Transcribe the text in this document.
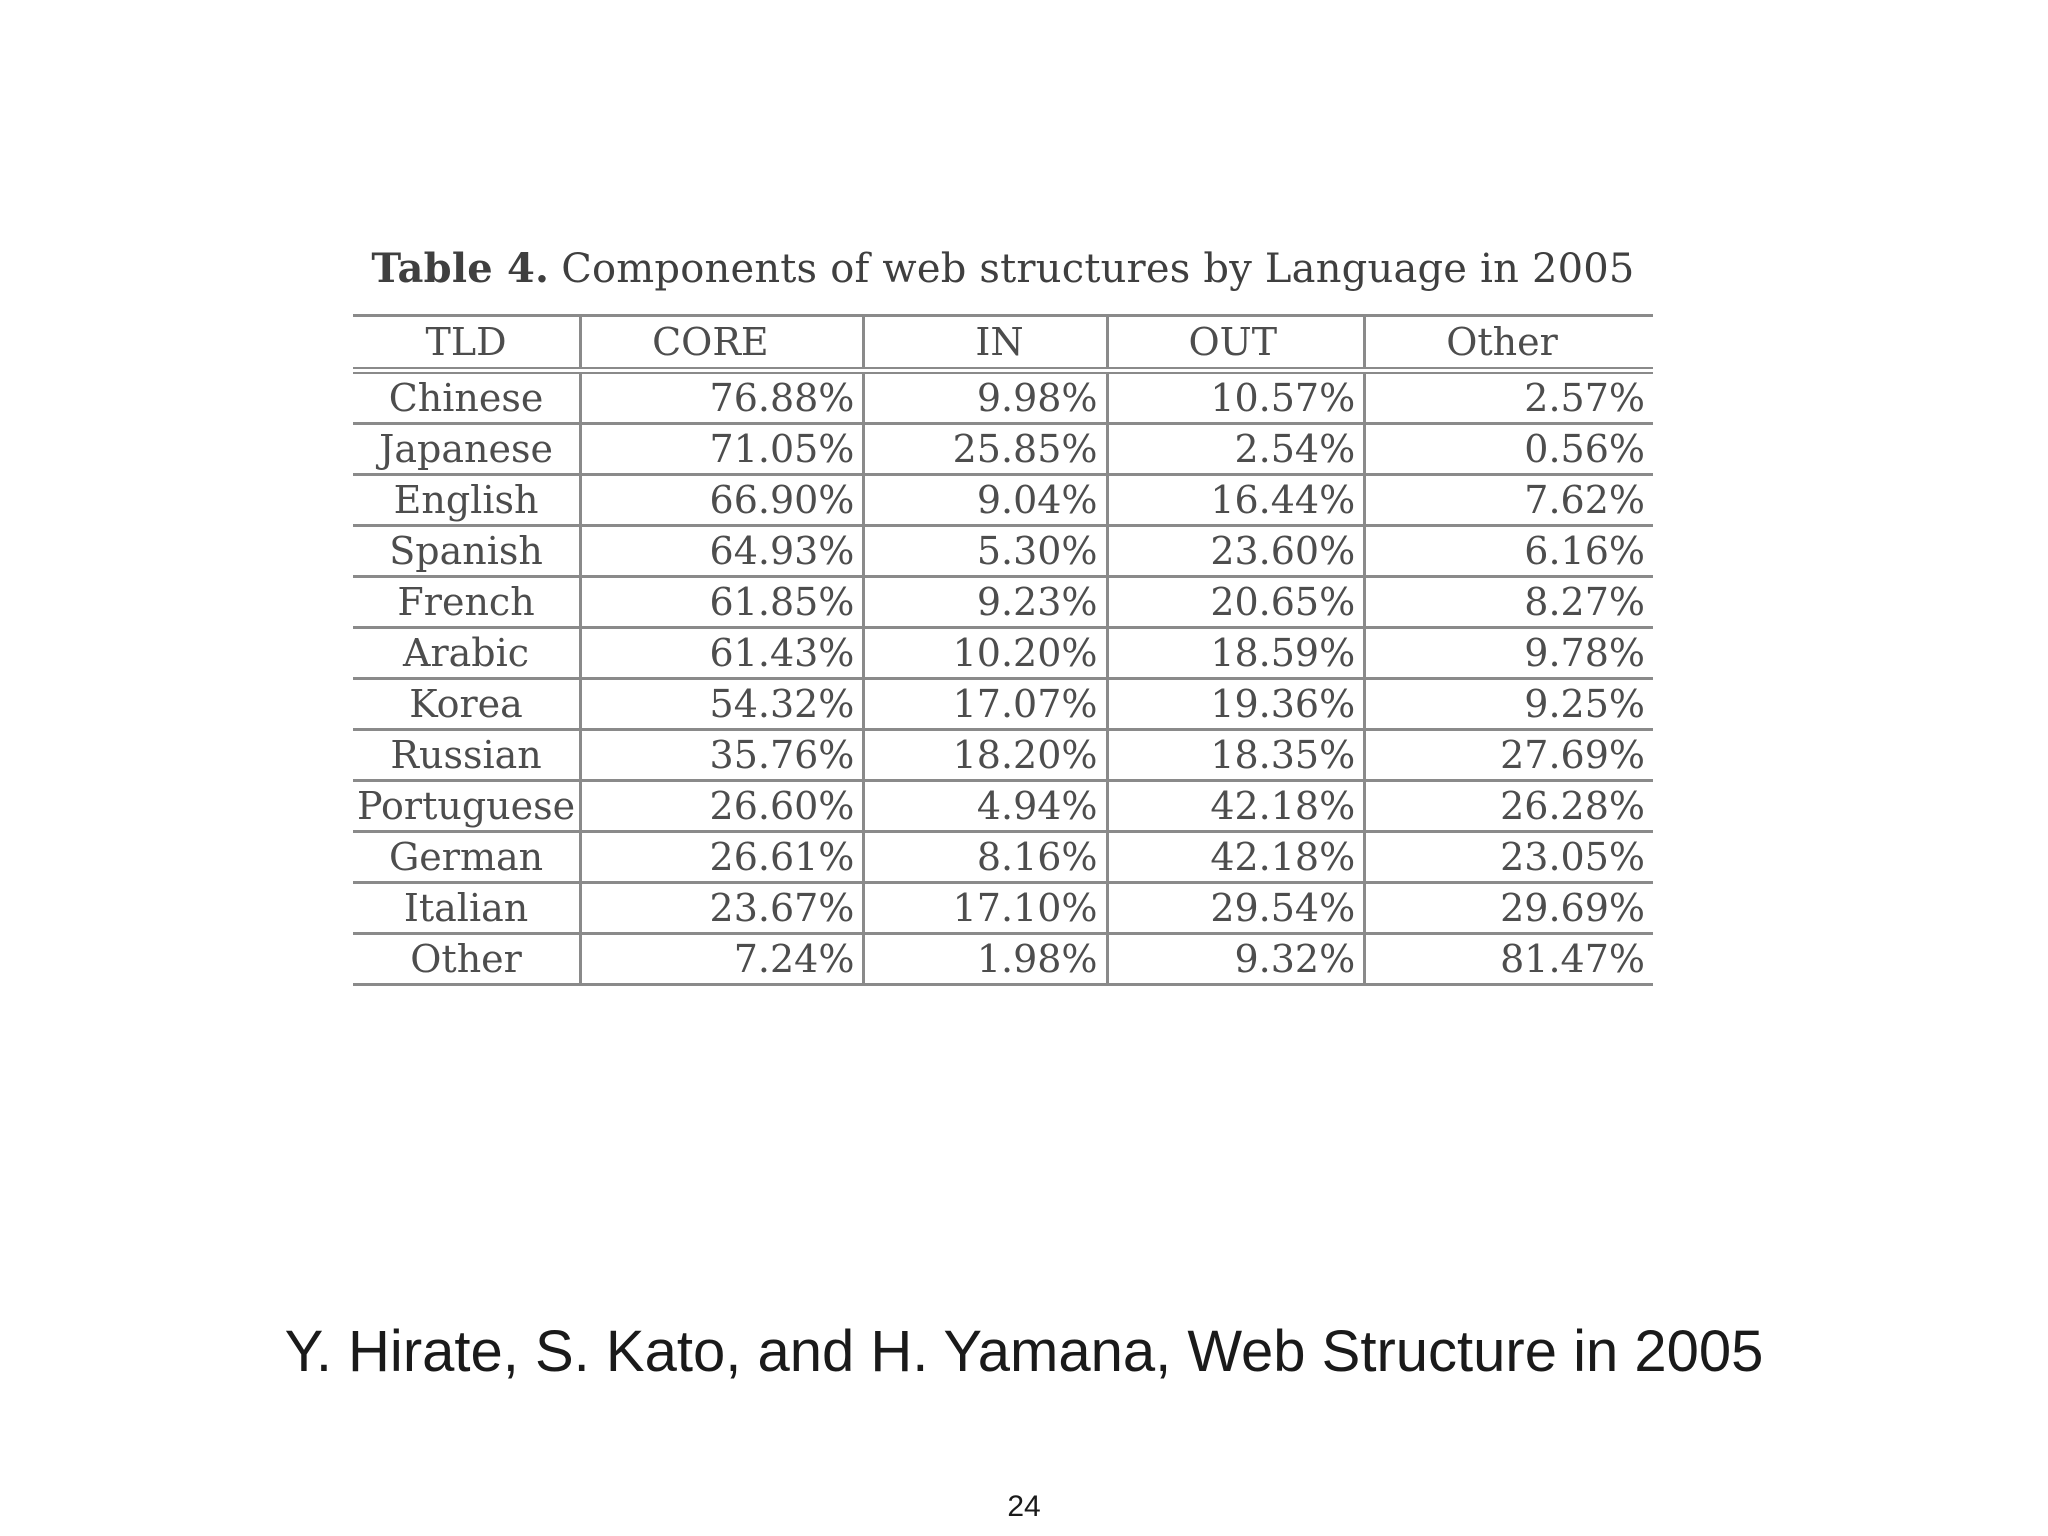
Table 4. Components of web structures by Language in 2005
TLD	CORE	IN	OUT	Other
Chinese	76.88%	9.98%	10.57%	2.57%
Japanese	71.05%	25.85%	2.54%	0.56%
English	66.90%	9.04%	16.44%	7.62%
Spanish	64.93%	5.30%	23.60%	6.16%
French	61.85%	9.23%	20.65%	8.27%
Arabic	61.43%	10.20%	18.59%	9.78%
Korea	54.32%	17.07%	19.36%	9.25%
Russian	35.76%	18.20%	18.35%	27.69%
Portuguese	26.60%	4.94%	42.18%	26.28%
German	26.61%	8.16%	42.18%	23.05%
Italian	23.67%	17.10%	29.54%	29.69%
Other	7.24%	1.98%	9.32%	81.47%
Y. Hirate, S. Kato, and H. Yamana, Web Structure in 2005
24
